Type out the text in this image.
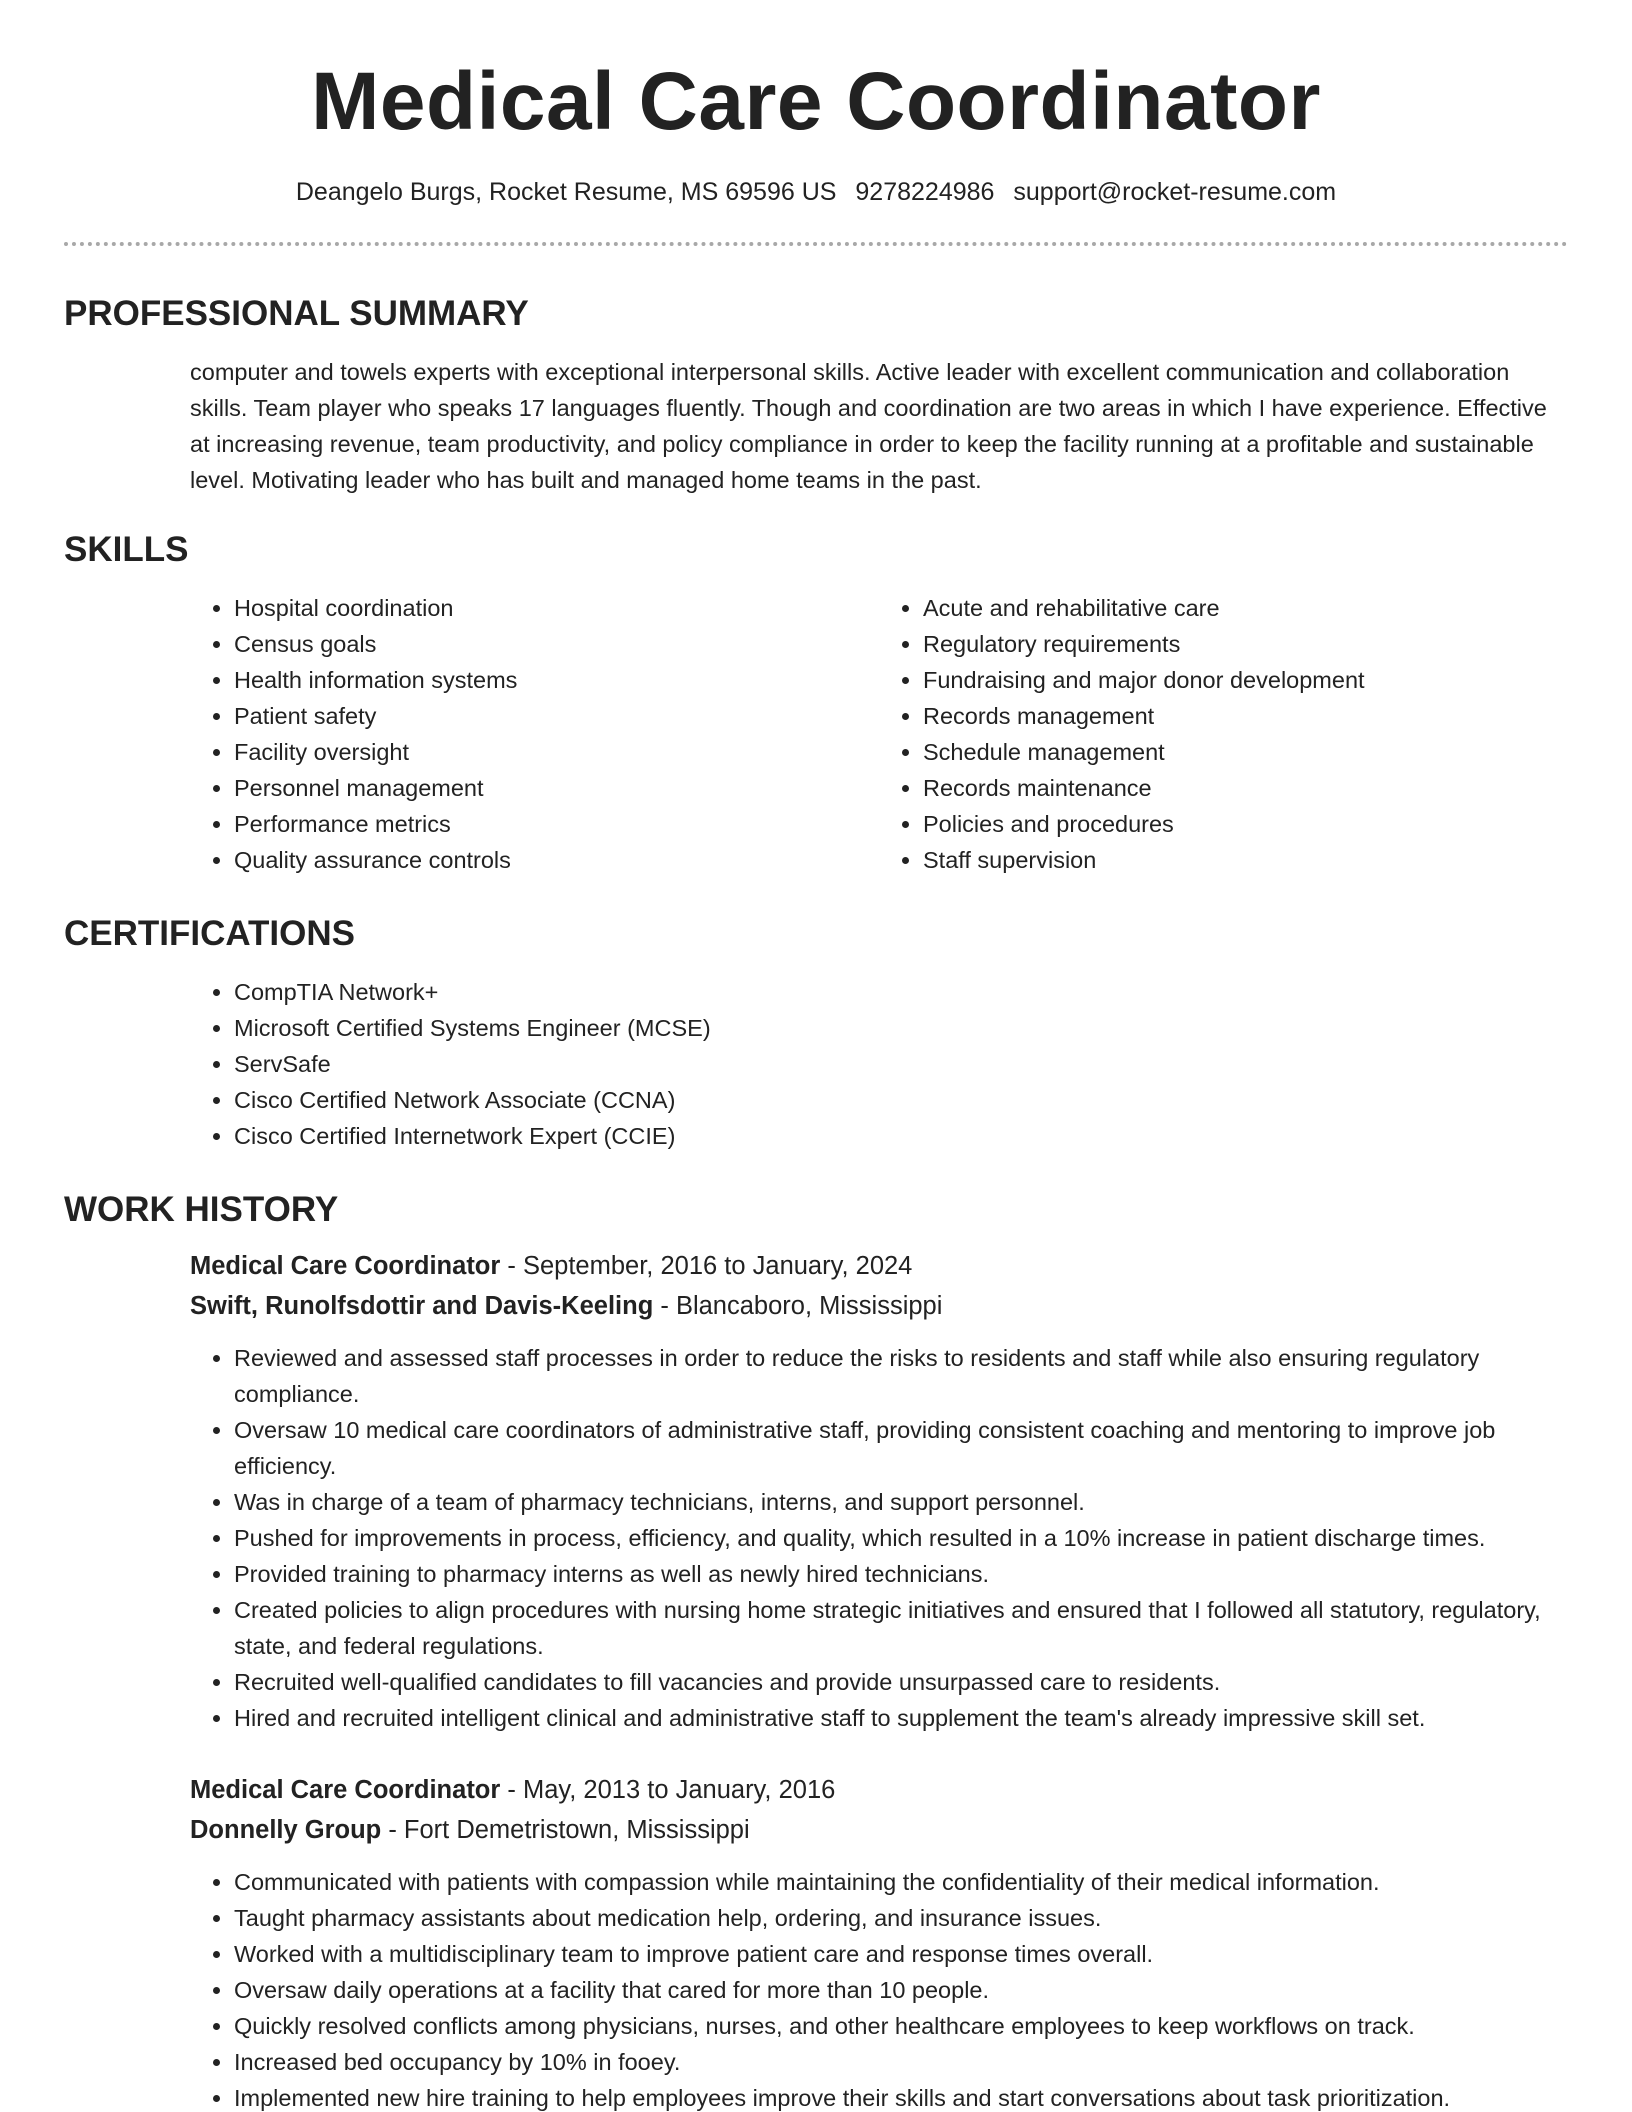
Medical Care Coordinator
Deangelo Burgs, Rocket Resume, MS 69596 US 9278224986 support@rocket-resume.com
PROFESSIONAL SUMMARY

computer and towels experts with exceptional interpersonal skills. Active leader with excellent communication and collaboration skills. Team player who speaks 17 languages fluently. Though and coordination are two areas in which I have experience. Effective at increasing revenue, team productivity, and policy compliance in order to keep the facility running at a profitable and sustainable level. Motivating leader who has built and managed home teams in the past.

SKILLS
• Hospital coordination
• Census goals
• Health information systems
• Patient safety
• Facility oversight
• Personnel management
• Performance metrics
• Quality assurance controls
• Acute and rehabilitative care
• Regulatory requirements
• Fundraising and major donor development
• Records management
• Schedule management
• Records maintenance
• Policies and procedures
• Staff supervision
CERTIFICATIONS
• CompTIA Network+
• Microsoft Certified Systems Engineer (MCSE)
• ServSafe
• Cisco Certified Network Associate (CCNA)
• Cisco Certified Internetwork Expert (CCIE)
WORK HISTORY
Medical Care Coordinator - September, 2016 to January, 2024
Swift, Runolfsdottir and Davis-Keeling - Blancaboro, Mississippi
• Reviewed and assessed staff processes in order to reduce the risks to residents and staff while also ensuring regulatory compliance.
• Oversaw 10 medical care coordinators of administrative staff, providing consistent coaching and mentoring to improve job efficiency.
• Was in charge of a team of pharmacy technicians, interns, and support personnel.
• Pushed for improvements in process, efficiency, and quality, which resulted in a 10% increase in patient discharge times.
• Provided training to pharmacy interns as well as newly hired technicians.
• Created policies to align procedures with nursing home strategic initiatives and ensured that I followed all statutory, regulatory, state, and federal regulations.
• Recruited well-qualified candidates to fill vacancies and provide unsurpassed care to residents.
• Hired and recruited intelligent clinical and administrative staff to supplement the team's already impressive skill set.
Medical Care Coordinator - May, 2013 to January, 2016
Donnelly Group - Fort Demetristown, Mississippi
• Communicated with patients with compassion while maintaining the confidentiality of their medical information.
• Taught pharmacy assistants about medication help, ordering, and insurance issues.
• Worked with a multidisciplinary team to improve patient care and response times overall.
• Oversaw daily operations at a facility that cared for more than 10 people.
• Quickly resolved conflicts among physicians, nurses, and other healthcare employees to keep workflows on track.
• Increased bed occupancy by 10% in fooey.
• Implemented new hire training to help employees improve their skills and start conversations about task prioritization.
